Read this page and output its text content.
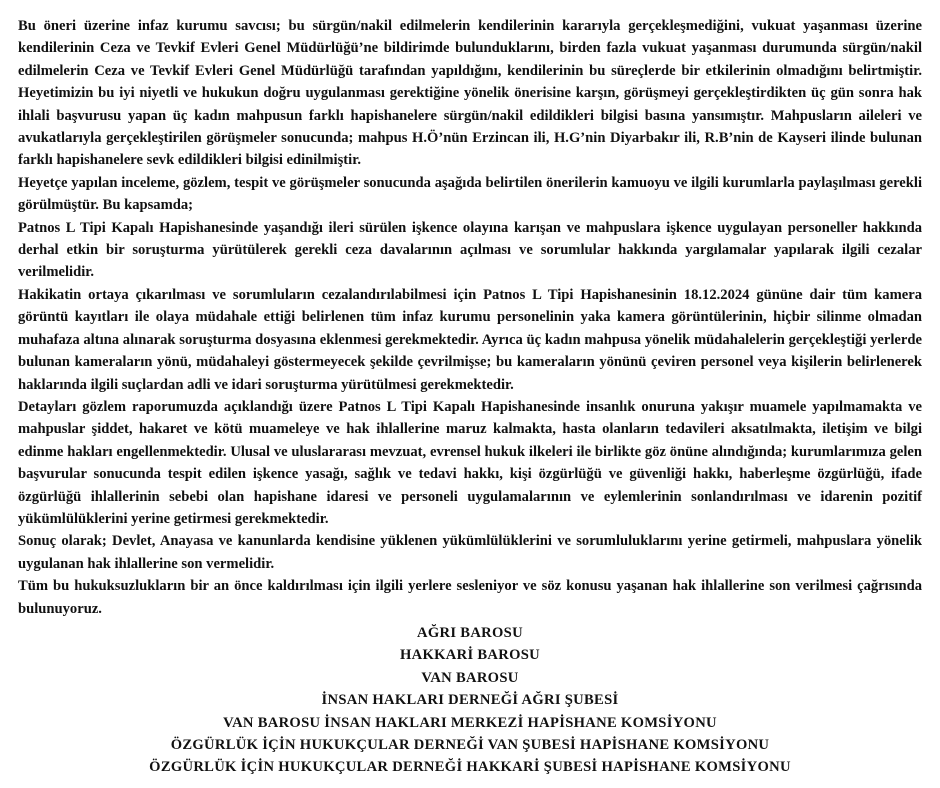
Bu öneri üzerine infaz kurumu savcısı; bu sürgün/nakil edilmelerin kendilerinin kararıyla gerçekleşmediğini, vukuat yaşanması üzerine kendilerinin Ceza ve Tevkif Evleri Genel Müdürlüğü’ne bildirimde bulunduklarını, birden fazla vukuat yaşanması durumunda sürgün/nakil edilmelerin Ceza ve Tevkif Evleri Genel Müdürlüğü tarafından yapıldığını, kendilerinin bu süreçlerde bir etkilerinin olmadığını belirtmiştir. Heyetimizin bu iyi niyetli ve hukukun doğru uygulanması gerektiğine yönelik önerisine karşın, görüşmeyi gerçekleştirdikten üç gün sonra hak ihlali başvurusu yapan üç kadın mahpusun farklı hapishanelere sürgün/nakil edildikleri bilgisi basına yansımıştır. Mahpusların aileleri ve avukatlarıyla gerçekleştirilen görüşmeler sonucunda; mahpus H.Ö’nün Erzincan ili, H.G’nin Diyarbakır ili, R.B’nin de Kayseri ilinde bulunan farklı hapishanelere sevk edildikleri bilgisi edinilmiştir.

Heyetçe yapılan inceleme, gözlem, tespit ve görüşmeler sonucunda aşağıda belirtilen önerilerin kamuoyu ve ilgili kurumlarla paylaşılması gerekli görülmüştür. Bu kapsamda;

Patnos L Tipi Kapalı Hapishanesinde yaşandığı ileri sürülen işkence olayına karışan ve mahpuslara işkence uygulayan personeller hakkında derhal etkin bir soruşturma yürütülerek gerekli ceza davalarının açılması ve sorumlular hakkında yargılamalar yapılarak ilgili cezalar verilmelidir.

Hakikatin ortaya çıkarılması ve sorumluların cezalandırılabilmesi için Patnos L Tipi Hapishanesinin 18.12.2024 gününe dair tüm kamera görüntü kayıtları ile olaya müdahale ettiği belirlenen tüm infaz kurumu personelinin yaka kamera görüntülerinin, hiçbir silinme olmadan muhafaza altına alınarak soruşturma dosyasına eklenmesi gerekmektedir. Ayrıca üç kadın mahpusa yönelik müdahalelerin gerçekleştiği yerlerde bulunan kameraların yönü, müdahaleyi göstermeyecek şekilde çevrilmişse; bu kameraların yönünü çeviren personel veya kişilerin belirlenerek haklarında ilgili suçlardan adli ve idari soruşturma yürütülmesi gerekmektedir.

Detayları gözlem raporumuzda açıklandığı üzere Patnos L Tipi Kapalı Hapishanesinde insanlık onuruna yakışır muamele yapılmamakta ve mahpuslar şiddet, hakaret ve kötü muameleye ve hak ihlallerine maruz kalmakta, hasta olanların tedavileri aksatılmakta, iletişim ve bilgi edinme hakları engellenmektedir. Ulusal ve uluslararası mevzuat, evrensel hukuk ilkeleri ile birlikte göz önüne alındığında; kurumlarımıza gelen başvurular sonucunda tespit edilen işkence yasağı, sağlık ve tedavi hakkı, kişi özgürlüğü ve güvenliği hakkı, haberleşme özgürlüğü, ifade özgürlüğü ihlallerinin sebebi olan hapishane idaresi ve personeli uygulamalarının ve eylemlerinin sonlandırılması ve idarenin pozitif yükümlülüklerini yerine getirmesi gerekmektedir.

Sonuç olarak; Devlet, Anayasa ve kanunlarda kendisine yüklenen yükümlülüklerini ve sorumluluklarını yerine getirmeli, mahpuslara yönelik uygulanan hak ihlallerine son vermelidir.

Tüm bu hukuksuzlukların bir an önce kaldırılması için ilgili yerlere sesleniyor ve söz konusu yaşanan hak ihlallerine son verilmesi çağrısında bulunuyoruz.

AĞRI BAROSU

HAKKARİ BAROSU

VAN BAROSU

İNSAN HAKLARI DERNEĞİ AĞRI ŞUBESİ

VAN BAROSU İNSAN HAKLARI MERKEZİ HAPİSHANE KOMSİYONU

ÖZGÜRLÜK İÇİN HUKUKÇULAR DERNEĞİ VAN ŞUBESİ HAPİSHANE KOMSİYONU

ÖZGÜRLÜK İÇİN HUKUKÇULAR DERNEĞİ HAKKARİ ŞUBESİ HAPİSHANE KOMSİYONU
